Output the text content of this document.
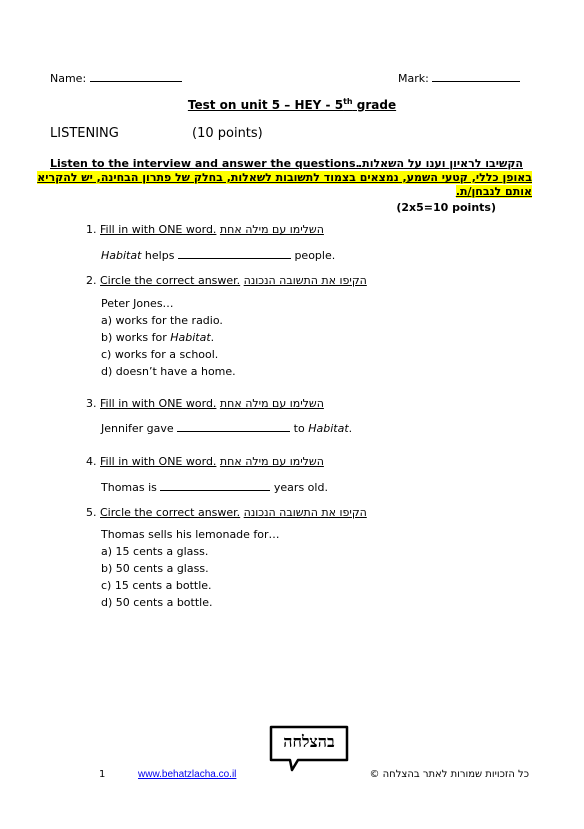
Name:	Mark:
Test on unit 5 – HEY - 5th grade
LISTENING	(10 points)
Listen to the interview and answer the questions.
הקשיבו לראיון וענו על השאלות.
באופן כללי, קטעי השמע, נמצאים בצמוד לתשובות לשאלות, בחלק של פתרון הבחינה, יש להקריא
אותם לנבחן/ת.
(2x5=10 points)
1. Fill in with ONE word. השלימו עם מילה אחת
Habitat helps	people.
2. Circle the correct answer. הקיפו את התשובה הנכונה
Peter Jones…
a) works for the radio.
b) works for Habitat.
c) works for a school.
d) doesn’t have a home.
3. Fill in with ONE word. השלימו עם מילה אחת
Jennifer gave	to Habitat.
4. Fill in with ONE word. השלימו עם מילה אחת
Thomas is	years old.
5. Circle the correct answer. הקיפו את התשובה הנכונה
Thomas sells his lemonade for…
a) 15 cents a glass.
b) 50 cents a glass.
c) 15 cents a bottle.
d) 50 cents a bottle.
בהצלחה
1	www.behatzlacha.co.il	כל הזכויות שמורות לאתר בהצלחה ©
